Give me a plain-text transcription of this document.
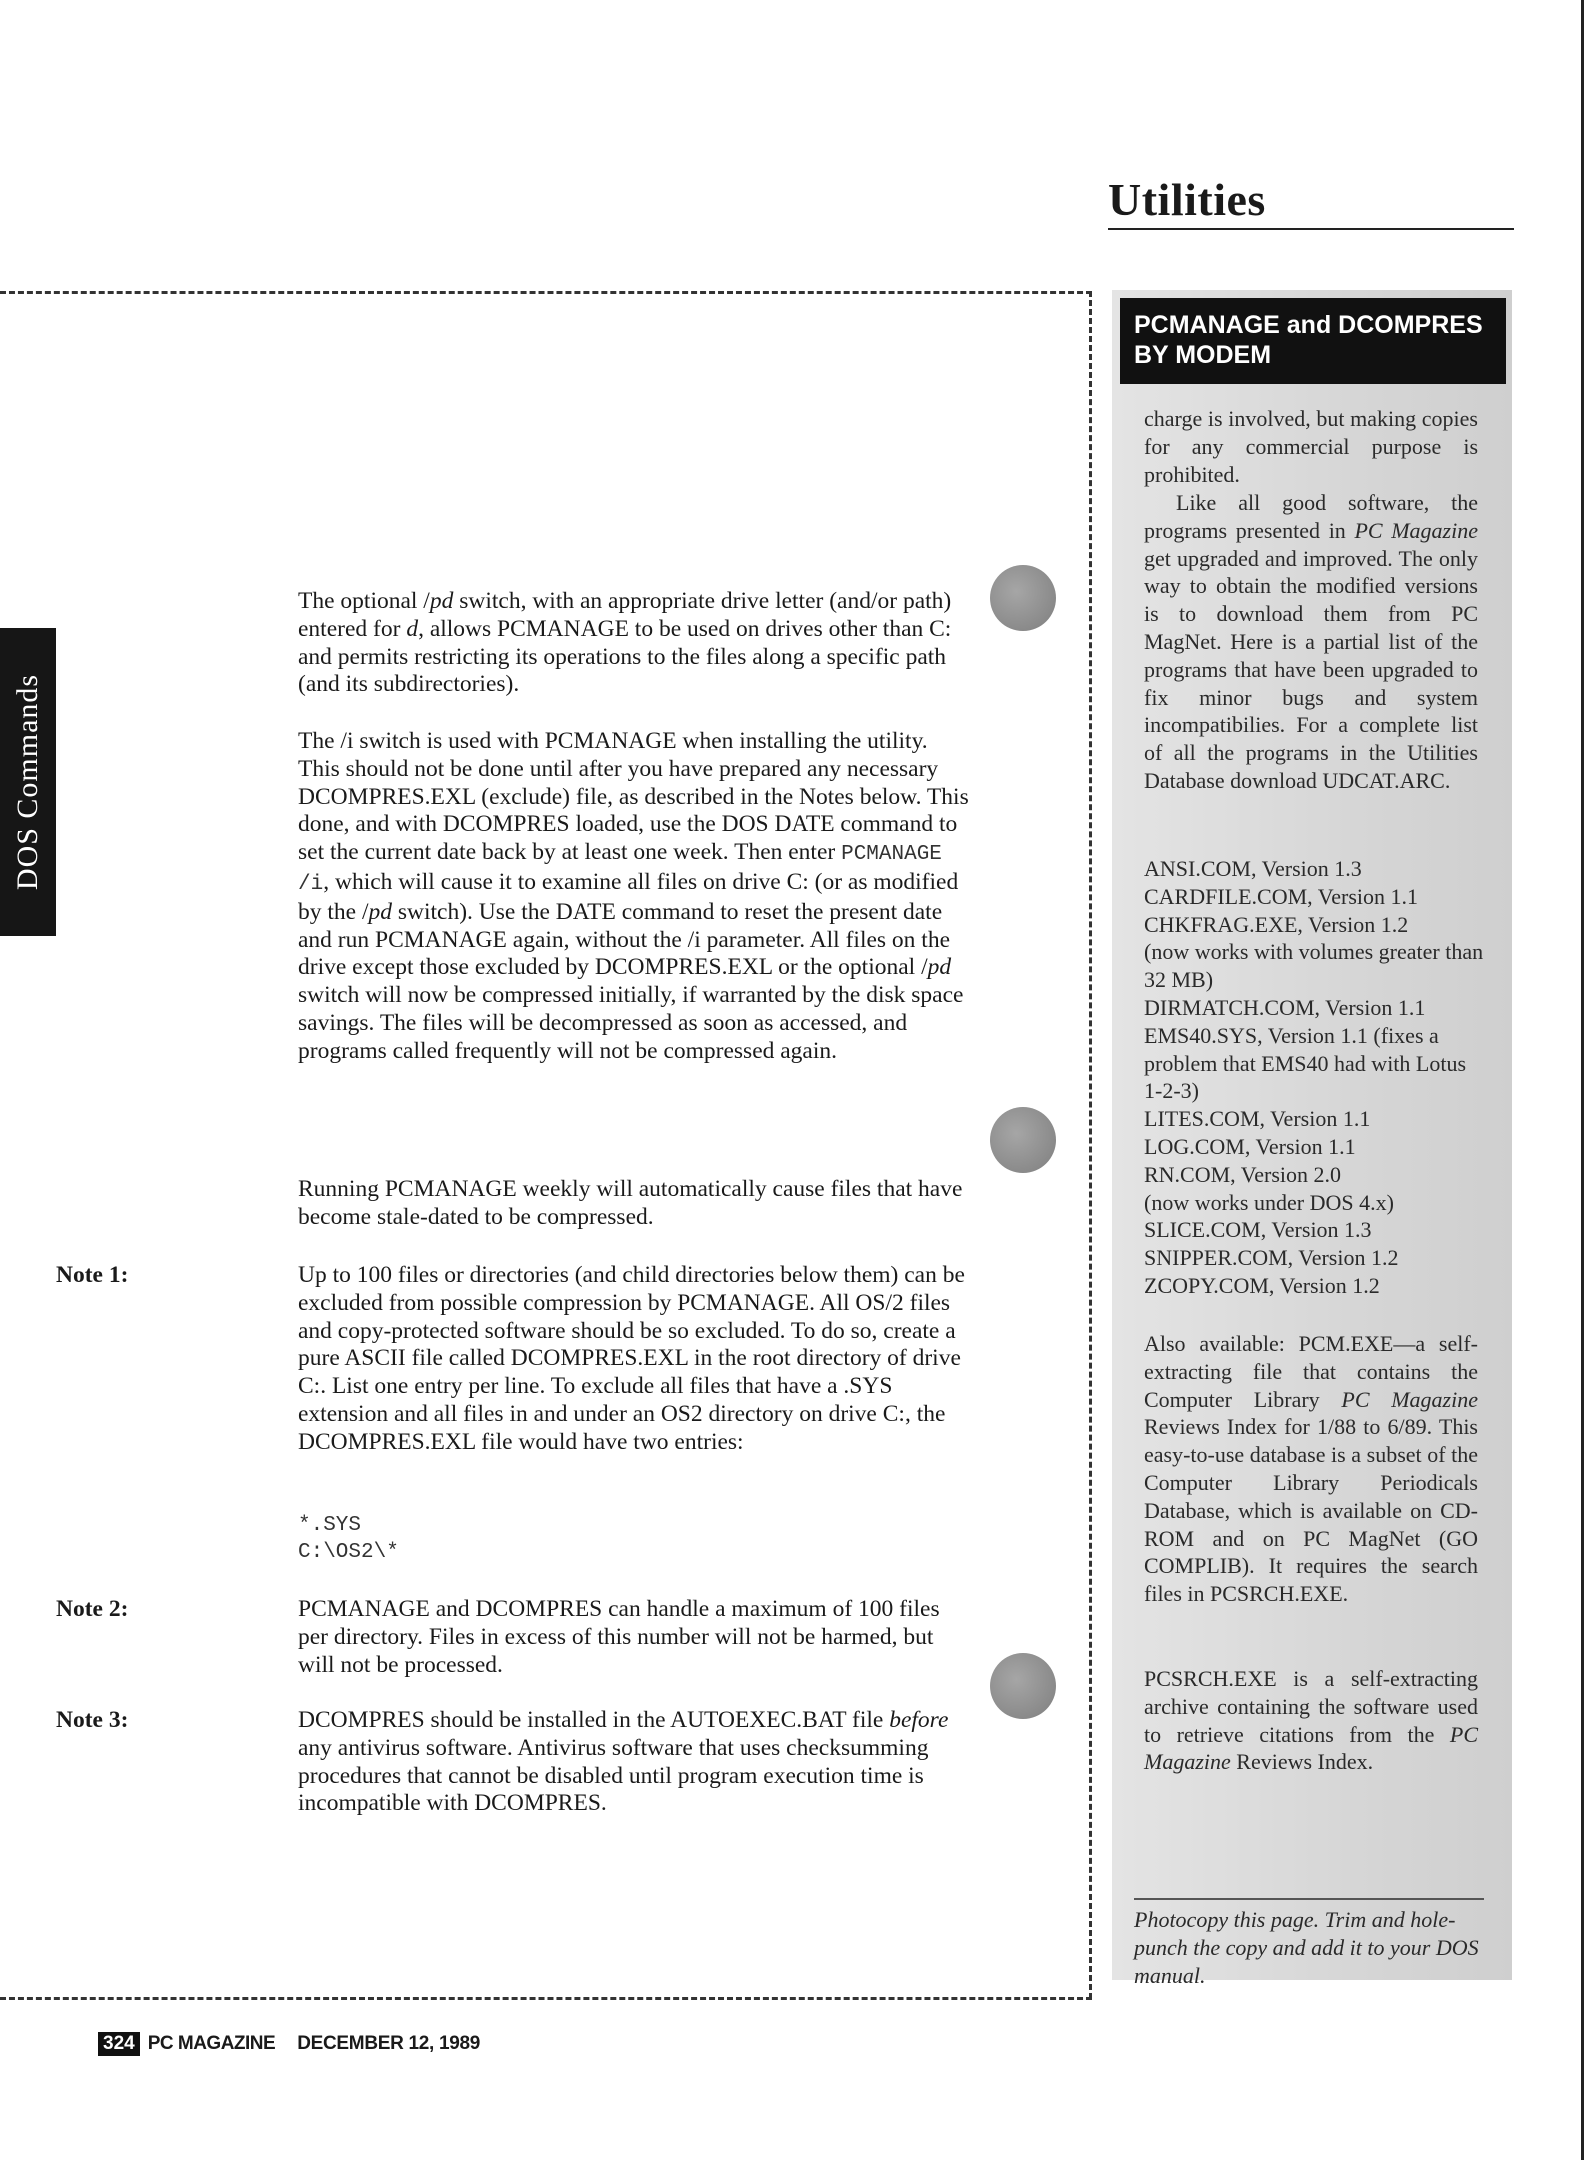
Utilities
DOS Commands

The optional /pd switch, with an appropriate drive letter (and/or path) entered for d, allows PCMANAGE to be used on drives other than C: and permits restricting its operations to the files along a specific path (and its subdirectories).

The /i switch is used with PCMANAGE when installing the utility. This should not be done until after you have prepared any necessary DCOMPRES.EXL (exclude) file, as described in the Notes below. This done, and with DCOMPRES loaded, use the DOS DATE command to set the current date back by at least one week. Then enter PCMANAGE /i, which will cause it to examine all files on drive C: (or as modified by the /pd switch). Use the DATE command to reset the present date and run PCMANAGE again, without the /i parameter. All files on the drive except those excluded by DCOMPRES.EXL or the optional /pd switch will now be compressed initially, if warranted by the disk space savings. The files will be decompressed as soon as accessed, and programs called frequently will not be compressed again.

Running PCMANAGE weekly will automatically cause files that have become stale-dated to be compressed.

Note 1:	Up to 100 files or directories (and child directories below them) can be excluded from possible compression by PCMANAGE. All OS/2 files and copy-protected software should be so excluded. To do so, create a pure ASCII file called DCOMPRES.EXL in the root directory of drive C:. List one entry per line. To exclude all files that have a .SYS extension and all files in and under an OS2 directory on drive C:, the DCOMPRES.EXL file would have two entries:

*.SYS
C:\OS2\*

Note 2:	PCMANAGE and DCOMPRES can handle a maximum of 100 files per directory. Files in excess of this number will not be harmed, but will not be processed.

Note 3:	DCOMPRES should be installed in the AUTOEXEC.BAT file before any antivirus software. Antivirus software that uses checksumming procedures that cannot be disabled until program execution time is incompatible with DCOMPRES.

PCMANAGE and DCOMPRES
BY MODEM

charge is involved, but making copies for any commercial purpose is prohibited.

Like all good software, the programs presented in PC Magazine get upgraded and improved. The only way to obtain the modified versions is to download them from PC MagNet. Here is a partial list of the programs that have been upgraded to fix minor bugs and system incompatibilies. For a complete list of all the programs in the Utilities Database download UDCAT.ARC.

ANSI.COM, Version 1.3
CARDFILE.COM, Version 1.1
CHKFRAG.EXE, Version 1.2
(now works with volumes greater than 32 MB)
DIRMATCH.COM, Version 1.1
EMS40.SYS, Version 1.1 (fixes a problem that EMS40 had with Lotus 1-2-3)
LITES.COM, Version 1.1
LOG.COM, Version 1.1
RN.COM, Version 2.0
(now works under DOS 4.x)
SLICE.COM, Version 1.3
SNIPPER.COM, Version 1.2
ZCOPY.COM, Version 1.2

Also available: PCM.EXE—a self-extracting file that contains the Computer Library PC Magazine Reviews Index for 1/88 to 6/89. This easy-to-use database is a subset of the Computer Library Periodicals Database, which is available on CD-ROM and on PC MagNet (GO COMPLIB). It requires the search files in PCSRCH.EXE.

PCSRCH.EXE is a self-extracting archive containing the software used to retrieve citations from the PC Magazine Reviews Index.

Photocopy this page. Trim and hole-punch the copy and add it to your DOS manual.

324 PC MAGAZINE DECEMBER 12, 1989
